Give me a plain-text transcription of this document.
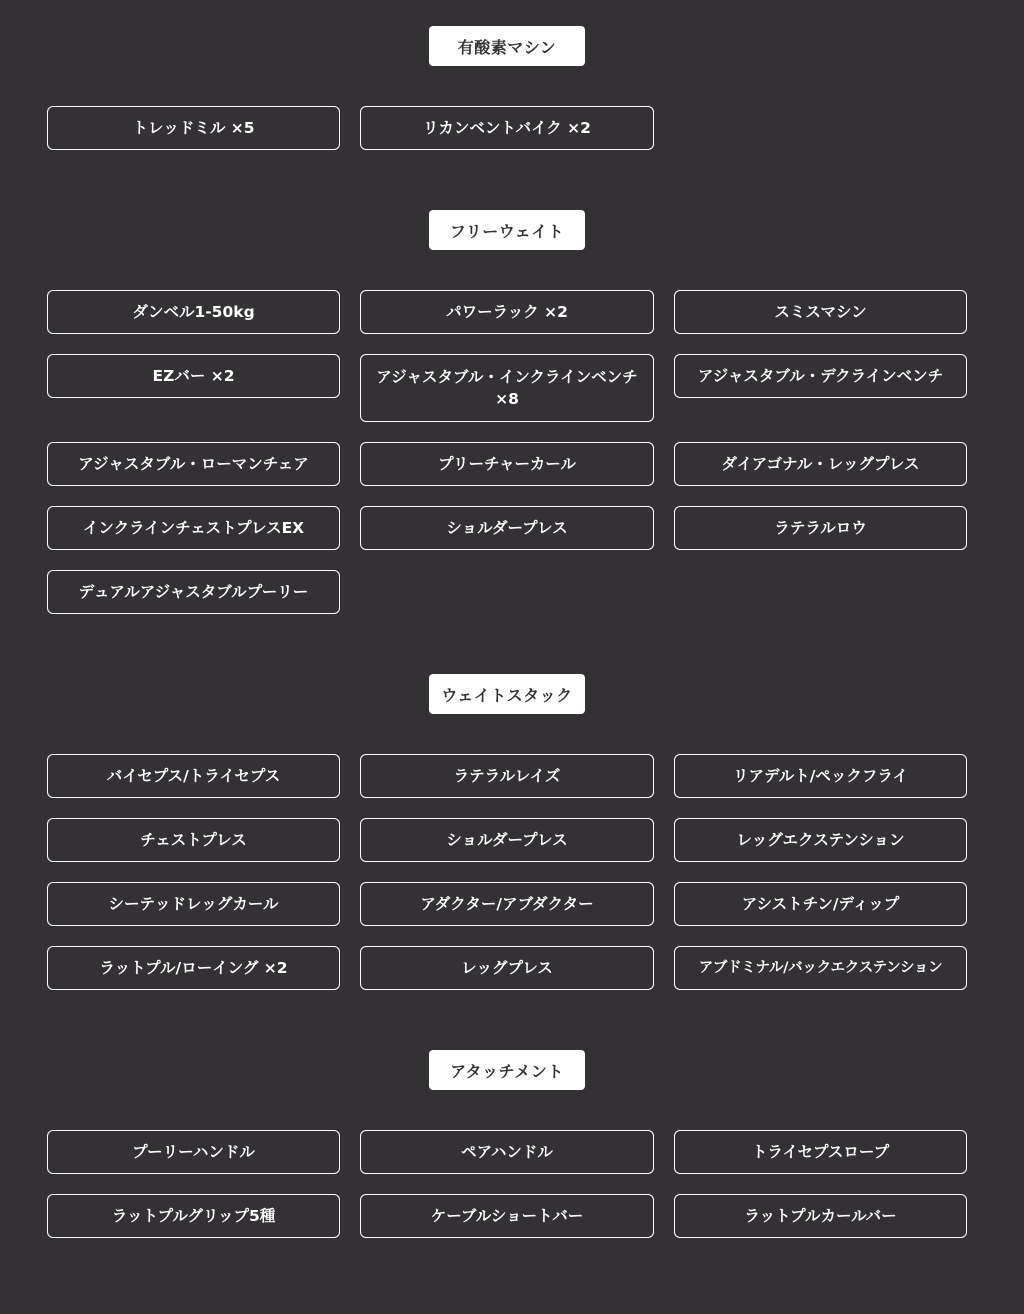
有酸素マシン
トレッドミル ×5	リカンベントバイク ×2
フリーウェイト
ダンベル1-50kg	パワーラック ×2	スミスマシン
EZバー ×2	アジャスタブル・インクラインベンチ ×8
アジャスタブル・デクラインベンチ
アジャスタブル・ローマンチェア	プリーチャーカール	ダイアゴナル・レッグプレス
インクラインチェストプレスEX	ショルダープレス	ラテラルロウ
デュアルアジャスタブルプーリー
ウェイトスタック
バイセプス/トライセプス	ラテラルレイズ	リアデルト/ペックフライ
チェストプレス	ショルダープレス	レッグエクステンション
シーテッドレッグカール	アダクター/アブダクター	アシストチン/ディップ
ラットプル/ローイング ×2	レッグプレス	アブドミナル/バックエクステンション
アタッチメント
プーリーハンドル	ペアハンドル	トライセプスロープ
ラットプルグリップ5種	ケーブルショートバー	ラットプルカールバー
